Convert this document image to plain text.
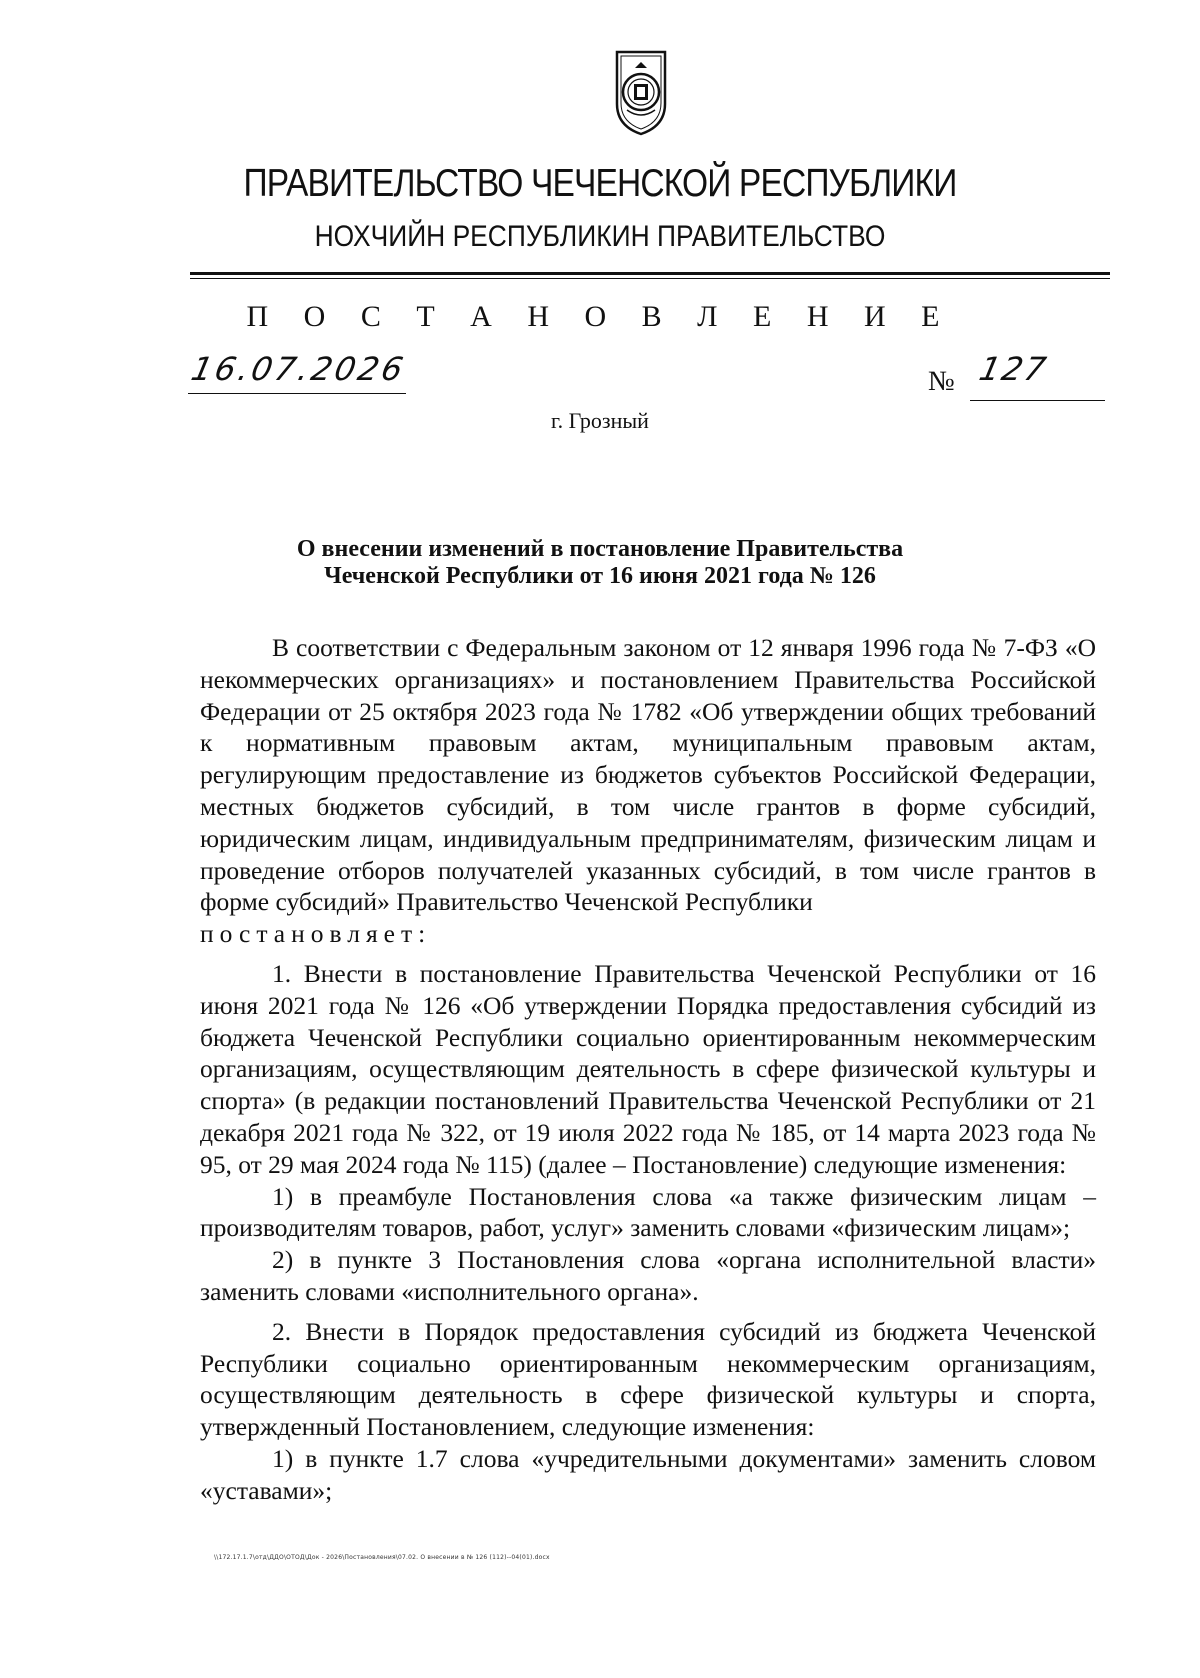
ПРАВИТЕЛЬСТВО ЧЕЧЕНСКОЙ РЕСПУБЛИКИ
НОХЧИЙН РЕСПУБЛИКИН ПРАВИТЕЛЬСТВО
П О С Т А Н О В Л Е Н И Е
16.07.2026	№ 127
г. Грозный
О внесении изменений в постановление Правительства
Чеченской Республики от 16 июня 2021 года № 126

В соответствии с Федеральным законом от 12 января 1996 года № 7-ФЗ «О некоммерческих организациях» и постановлением Правительства Российской Федерации от 25 октября 2023 года № 1782 «Об утверждении общих требований к нормативным правовым актам, муниципальным правовым актам, регулирующим предоставление из бюджетов субъектов Российской Федерации, местных бюджетов субсидий, в том числе грантов в форме субсидий, юридическим лицам, индивидуальным предпринимателям, физическим лицам и проведение отборов получателей указанных субсидий, в том числе грантов в форме субсидий» Правительство Чеченской Республики

постановляет:

1. Внести в постановление Правительства Чеченской Республики от 16 июня 2021 года № 126 «Об утверждении Порядка предоставления субсидий из бюджета Чеченской Республики социально ориентированным некоммерческим организациям, осуществляющим деятельность в сфере физической культуры и спорта» (в редакции постановлений Правительства Чеченской Республики от 21 декабря 2021 года № 322, от 19 июля 2022 года № 185, от 14 марта 2023 года № 95, от 29 мая 2024 года № 115) (далее – Постановление) следующие изменения:

1) в преамбуле Постановления слова «а также физическим лицам – производителям товаров, работ, услуг» заменить словами «физическим лицам»;

2) в пункте 3 Постановления слова «органа исполнительной власти» заменить словами «исполнительного органа».

2. Внести в Порядок предоставления субсидий из бюджета Чеченской Республики социально ориентированным некоммерческим организациям, осуществляющим деятельность в сфере физической культуры и спорта, утвержденный Постановлением, следующие изменения:

1) в пункте 1.7 слова «учредительными документами» заменить словом «уставами»;

\\172.17.1.7\отд\ДДО\ОТОД\Док - 2026\Постановления\07.02. О внесении в № 126 (112)--04(01).docx
